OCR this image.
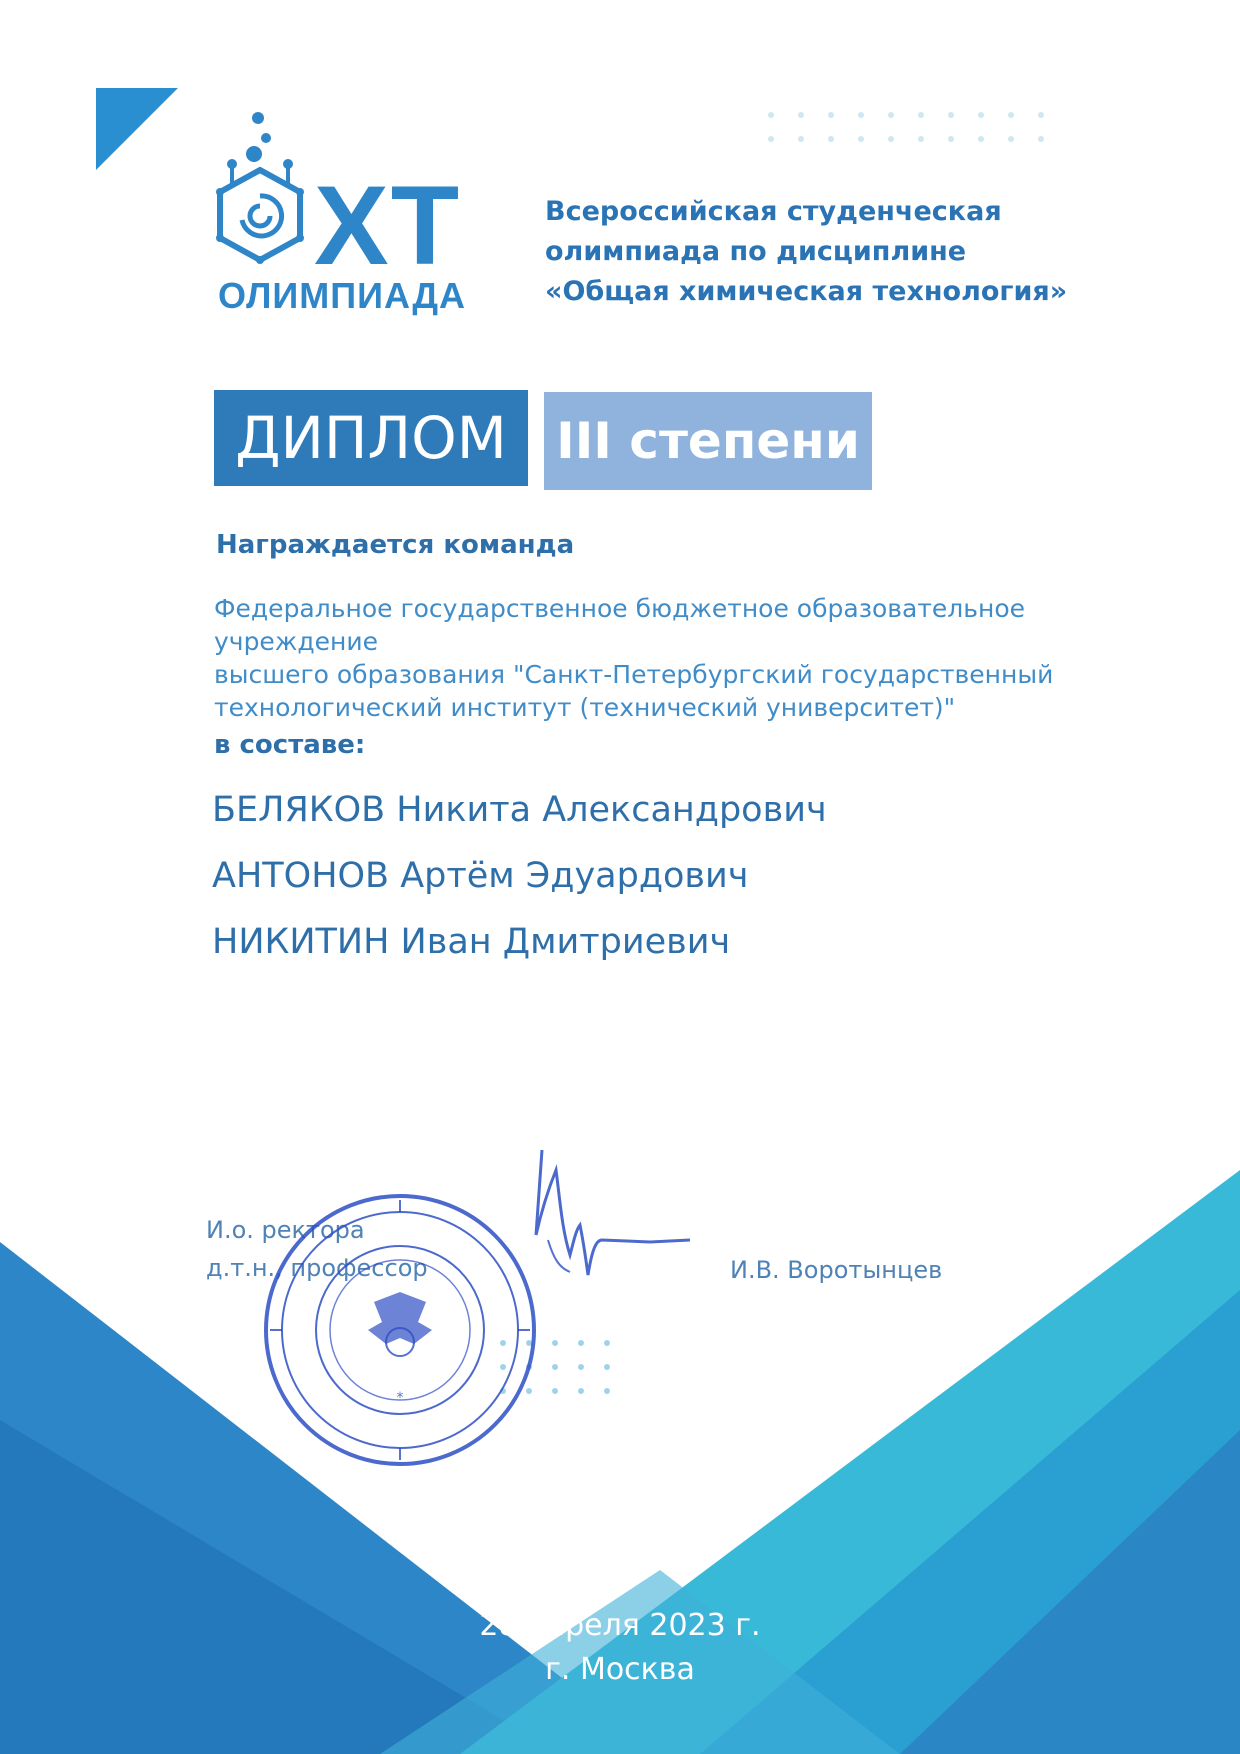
ХТ
ОЛИМПИАДА
Всероссийская студенческая
олимпиада по дисциплине
«Общая химическая технология»
ДИПЛОМ III степени
Награждается команда
Федеральное государственное бюджетное образовательное учреждение
высшего образования "Санкт-Петербургский государственный
технологический институт (технический университет)"
в составе:
БЕЛЯКОВ Никита Александрович
АНТОНОВ Артём Эдуардович
НИКИТИН Иван Дмитриевич
И.о. ректора
д.т.н., профессор	И.В. Воротынцев
*
28 апреля 2023 г.
г. Москва
